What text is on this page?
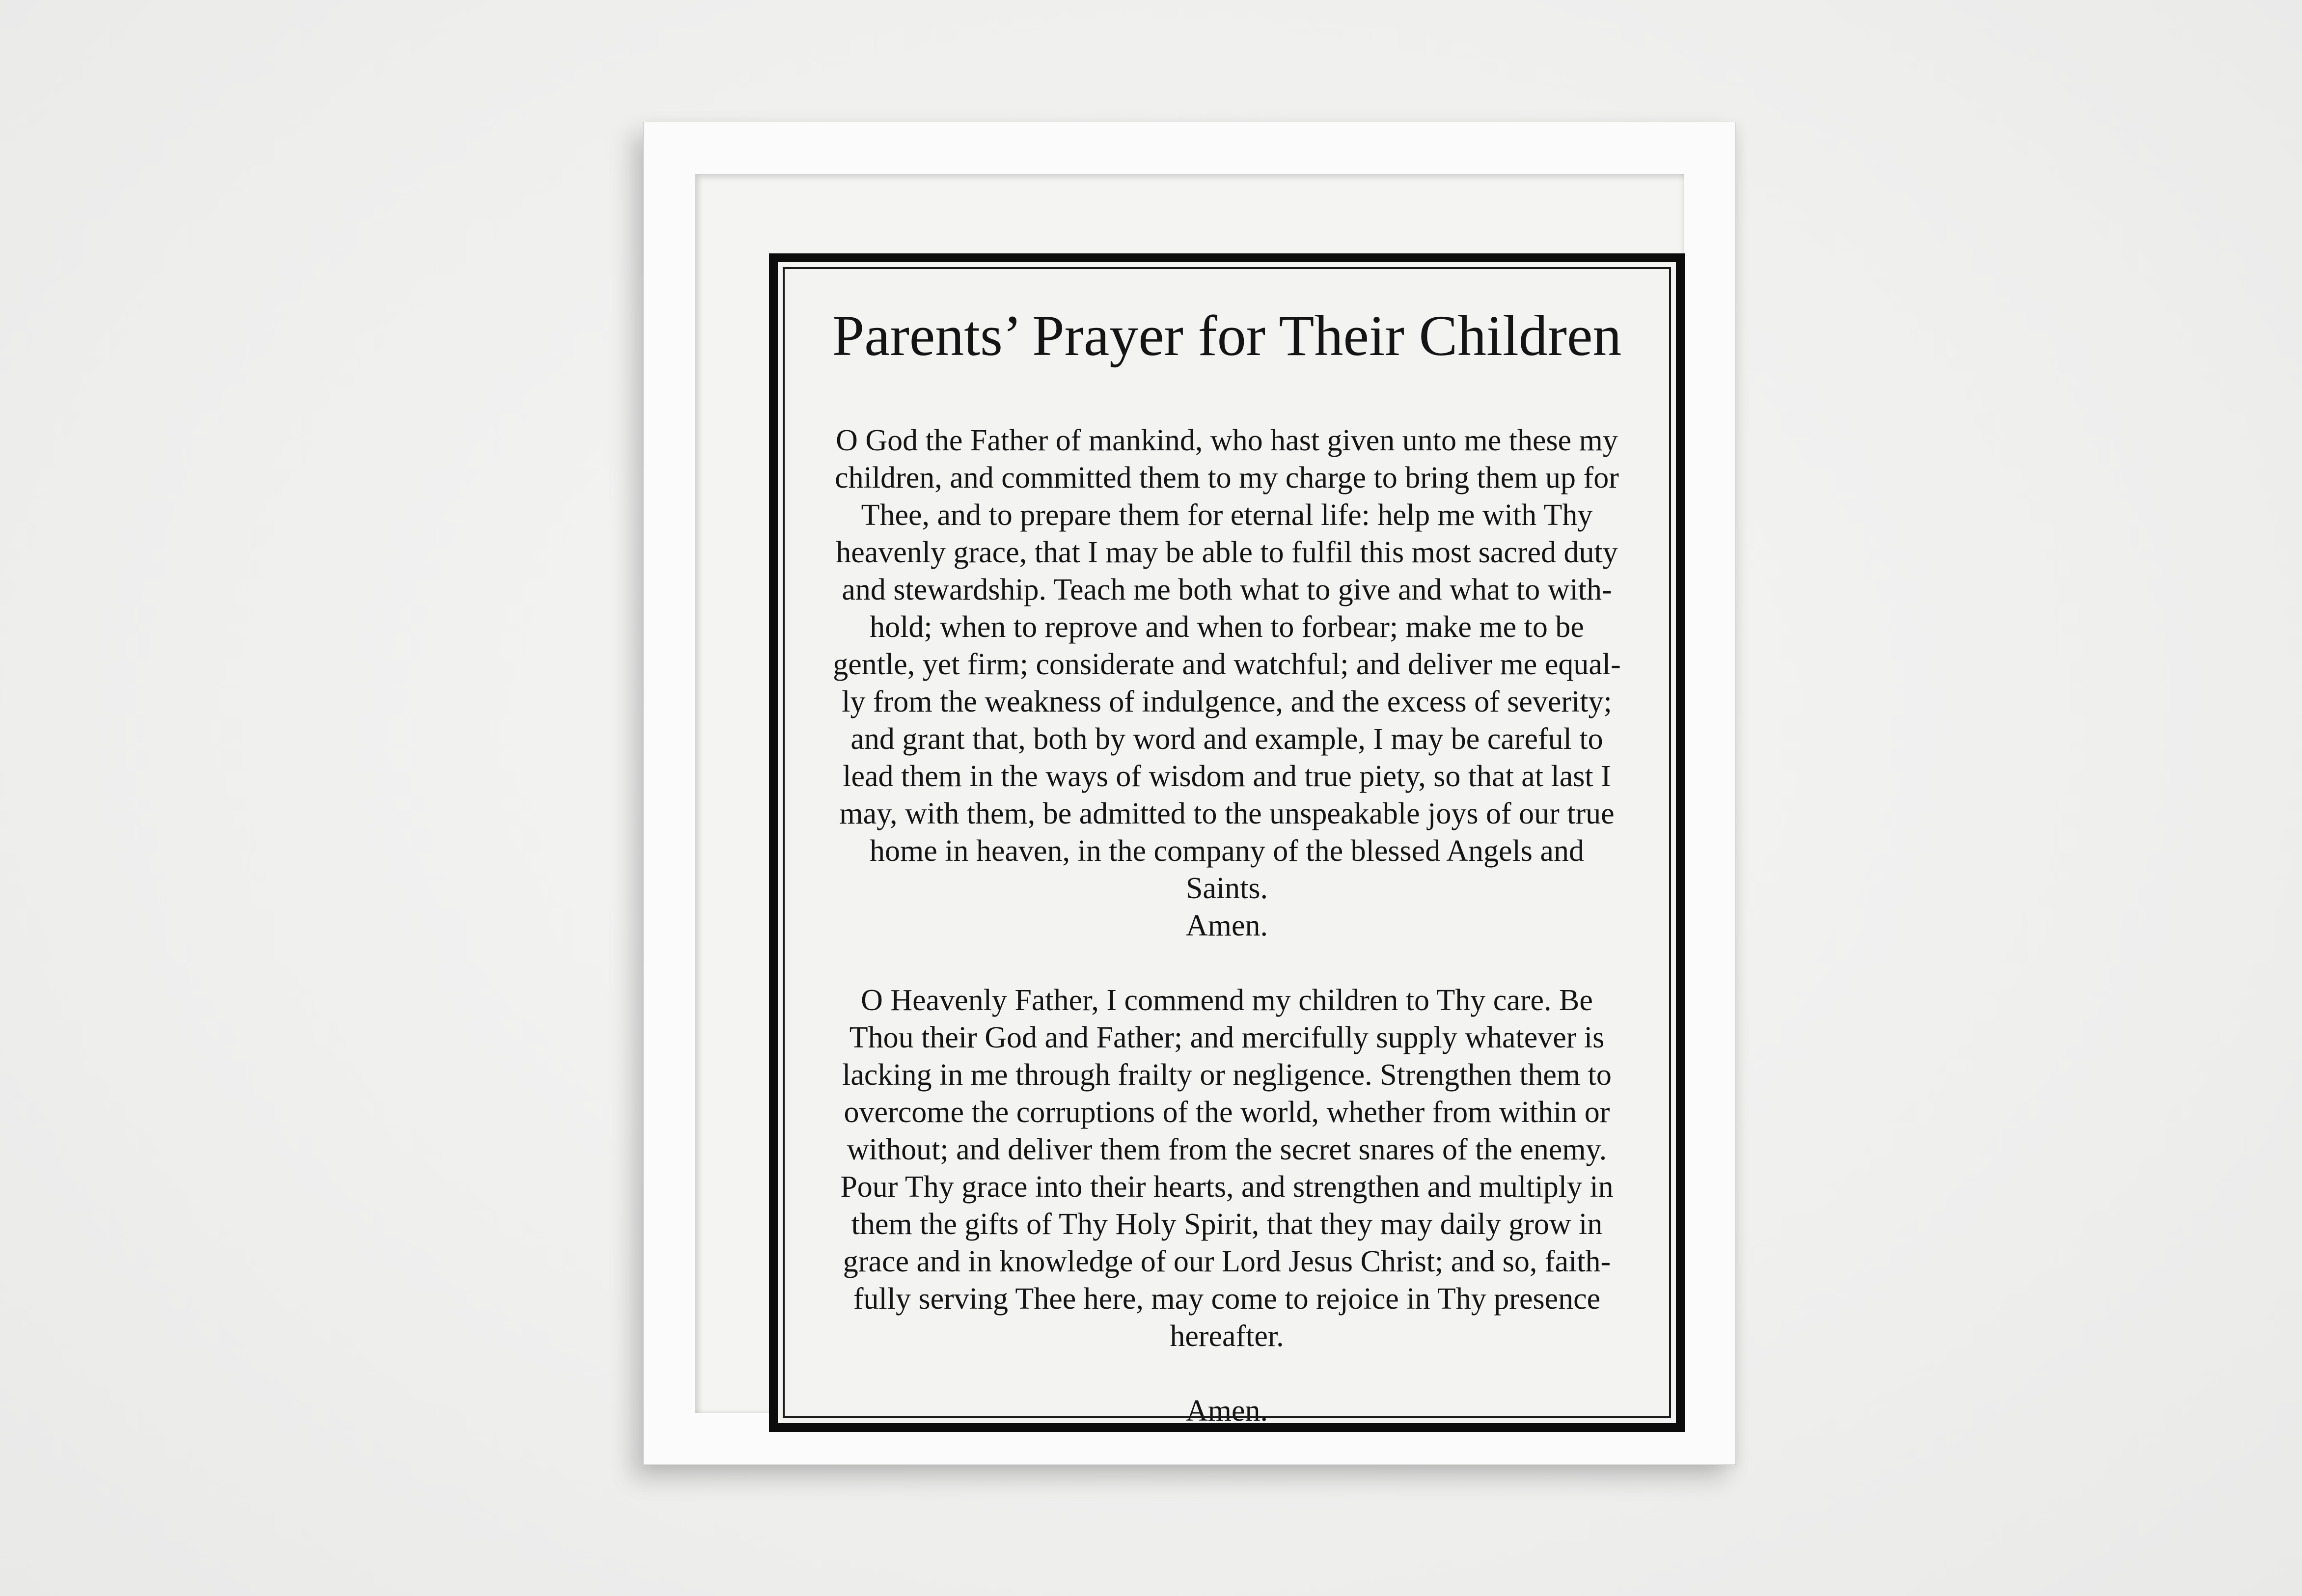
Parents’ Prayer for Their Children
O God the Father of mankind, who hast given unto me these my
children, and committed them to my charge to bring them up for
Thee, and to prepare them for eternal life: help me with Thy
heavenly grace, that I may be able to fulfil this most sacred duty
and stewardship. Teach me both what to give and what to with-
hold; when to reprove and when to forbear; make me to be
gentle, yet firm; considerate and watchful; and deliver me equal-
ly from the weakness of indulgence, and the excess of severity;
and grant that, both by word and example, I may be careful to
lead them in the ways of wisdom and true piety, so that at last I
may, with them, be admitted to the unspeakable joys of our true
home in heaven, in the company of the blessed Angels and
Saints.
Amen.
O Heavenly Father, I commend my children to Thy care. Be
Thou their God and Father; and mercifully supply whatever is
lacking in me through frailty or negligence. Strengthen them to
overcome the corruptions of the world, whether from within or
without; and deliver them from the secret snares of the enemy.
Pour Thy grace into their hearts, and strengthen and multiply in
them the gifts of Thy Holy Spirit, that they may daily grow in
grace and in knowledge of our Lord Jesus Christ; and so, faith-
fully serving Thee here, may come to rejoice in Thy presence
hereafter.
Amen.
